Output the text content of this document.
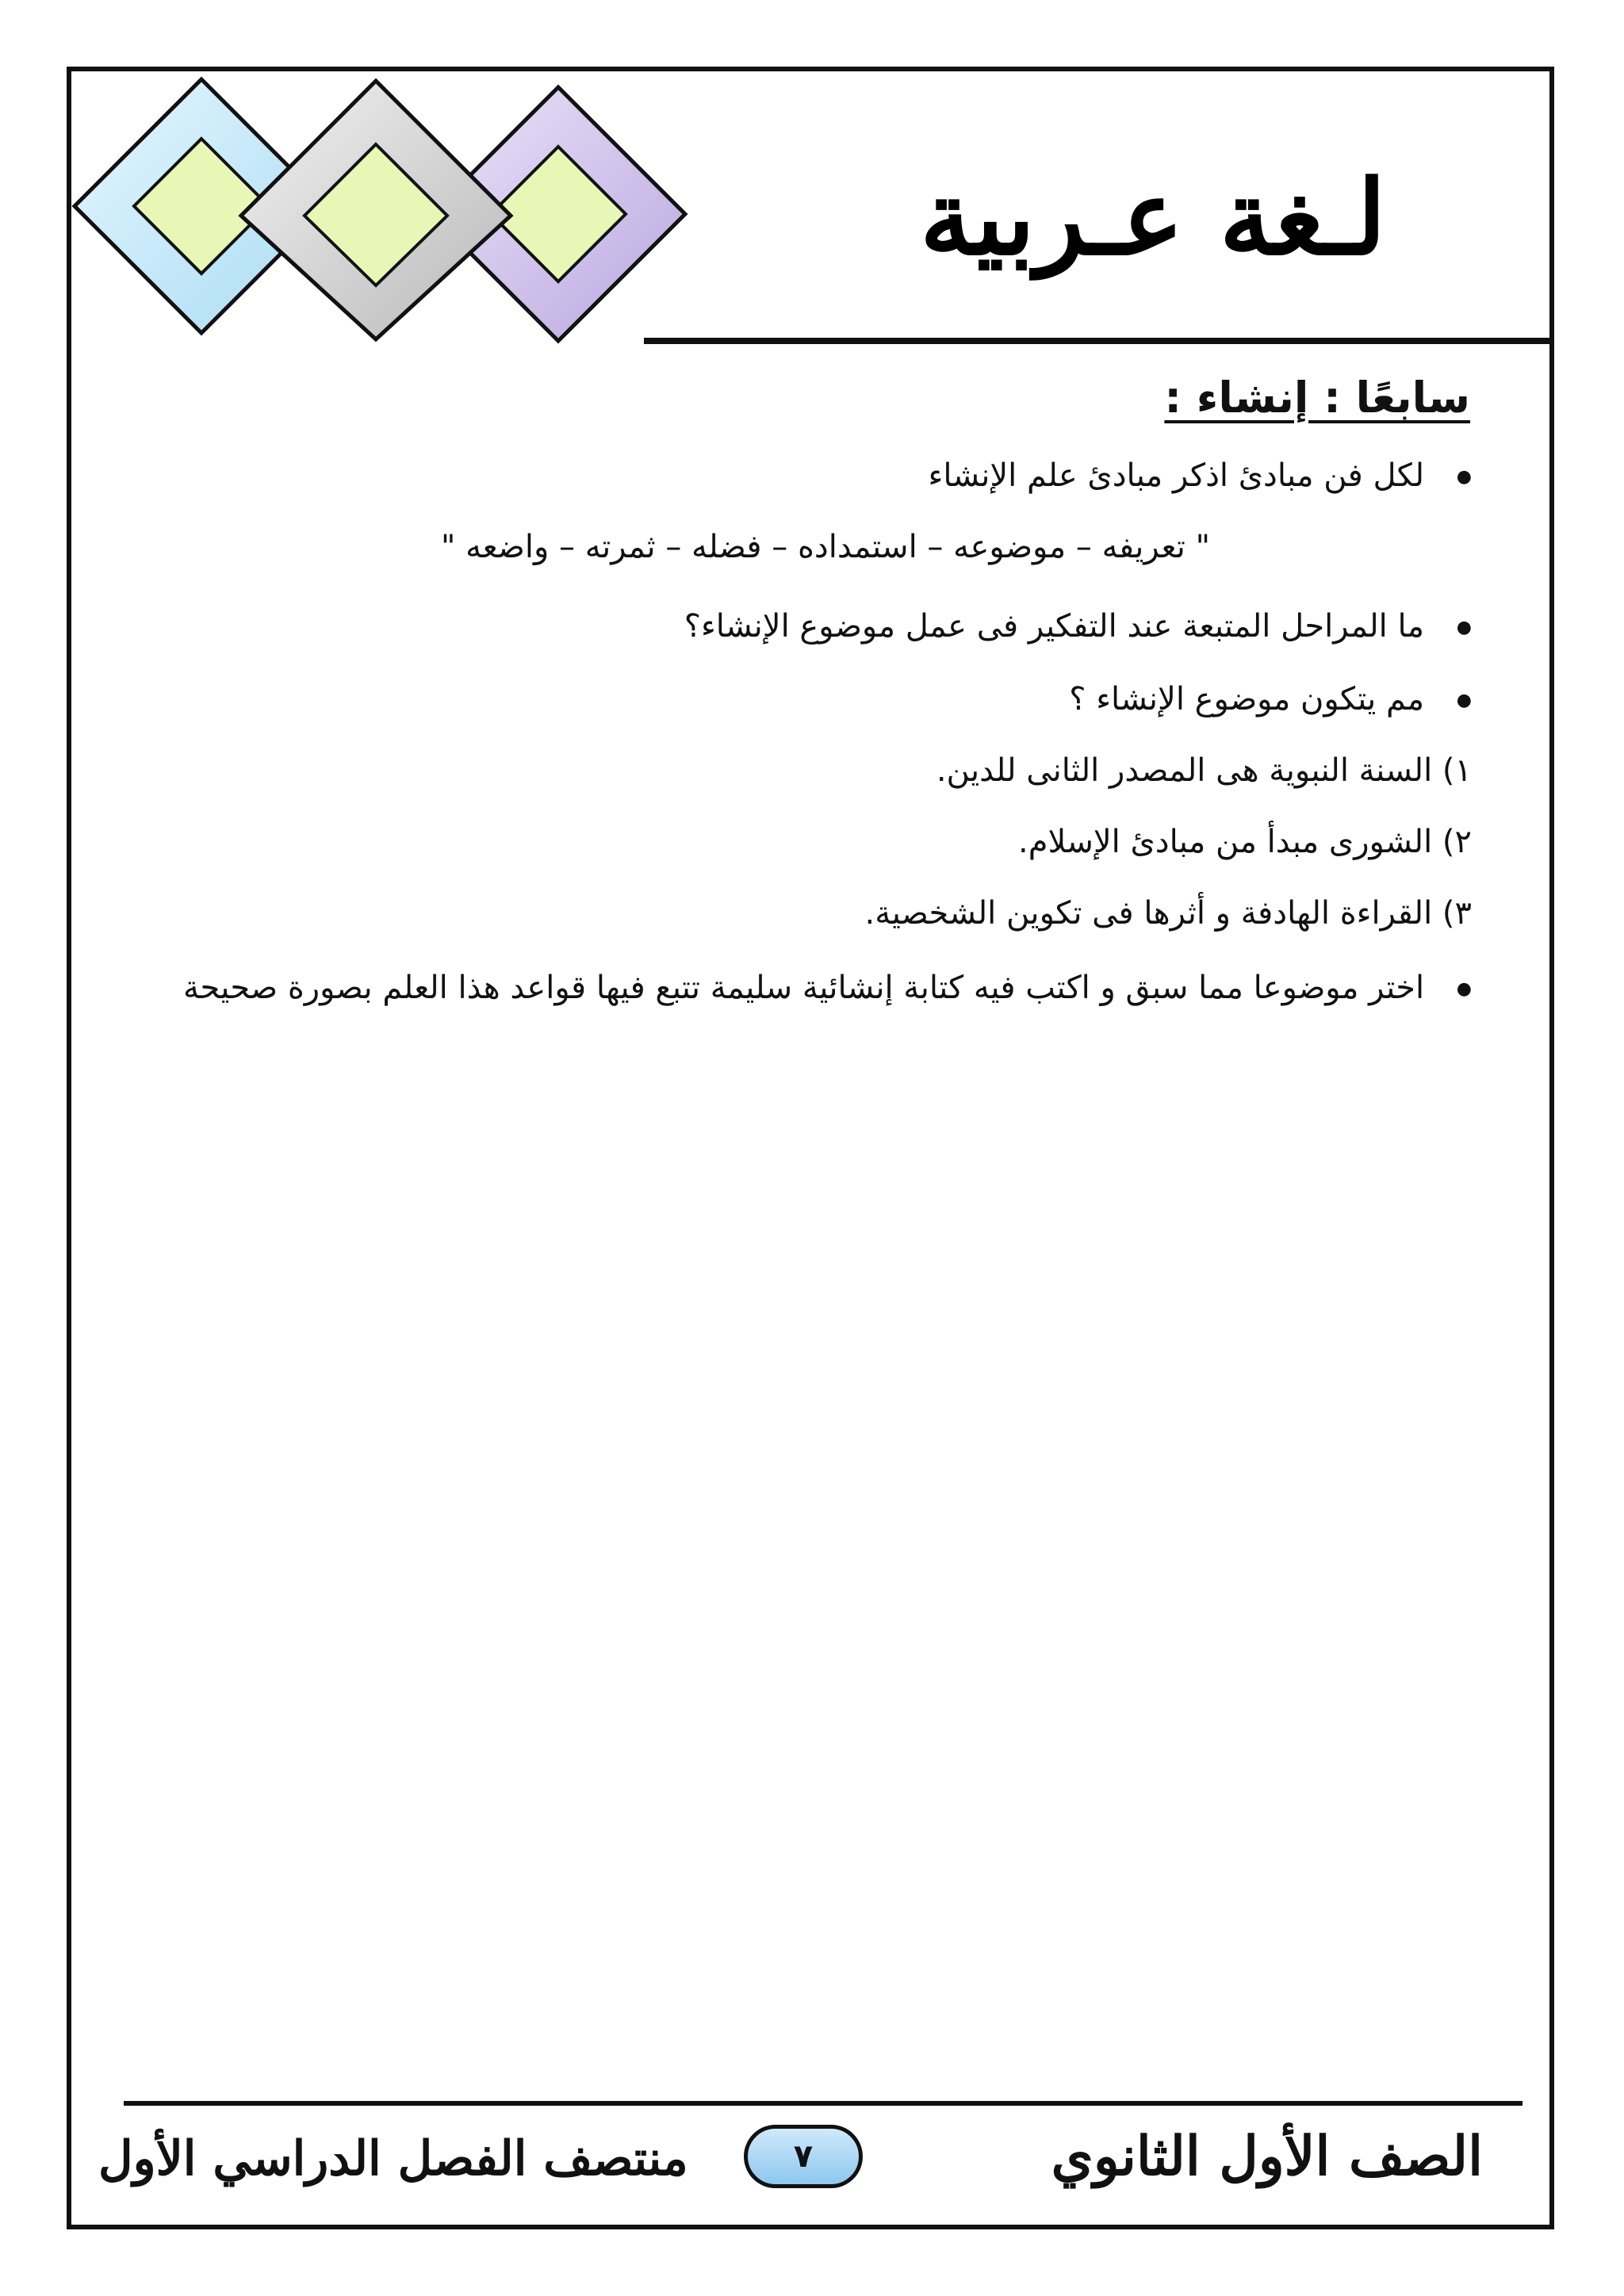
لـغة عـربية
سابعًا : إنشاء :
● لكل فن مبادئ اذكر مبادئ علم الإنشاء
" تعريفه – موضوعه – استمداده – فضله – ثمرته – واضعه "
● ما المراحل المتبعة عند التفكير فى عمل موضوع الإنشاء؟
● مم يتكون موضوع الإنشاء ؟
١) السنة النبوية هى المصدر الثانى للدين.
٢) الشورى مبدأ من مبادئ الإسلام.
٣) القراءة الهادفة و أثرها فى تكوين الشخصية.
● اختر موضوعا مما سبق و اكتب فيه كتابة إنشائية سليمة تتبع فيها قواعد هذا العلم بصورة صحيحة
الصف الأول الثانوي
٧
منتصف الفصل الدراسي الأول
